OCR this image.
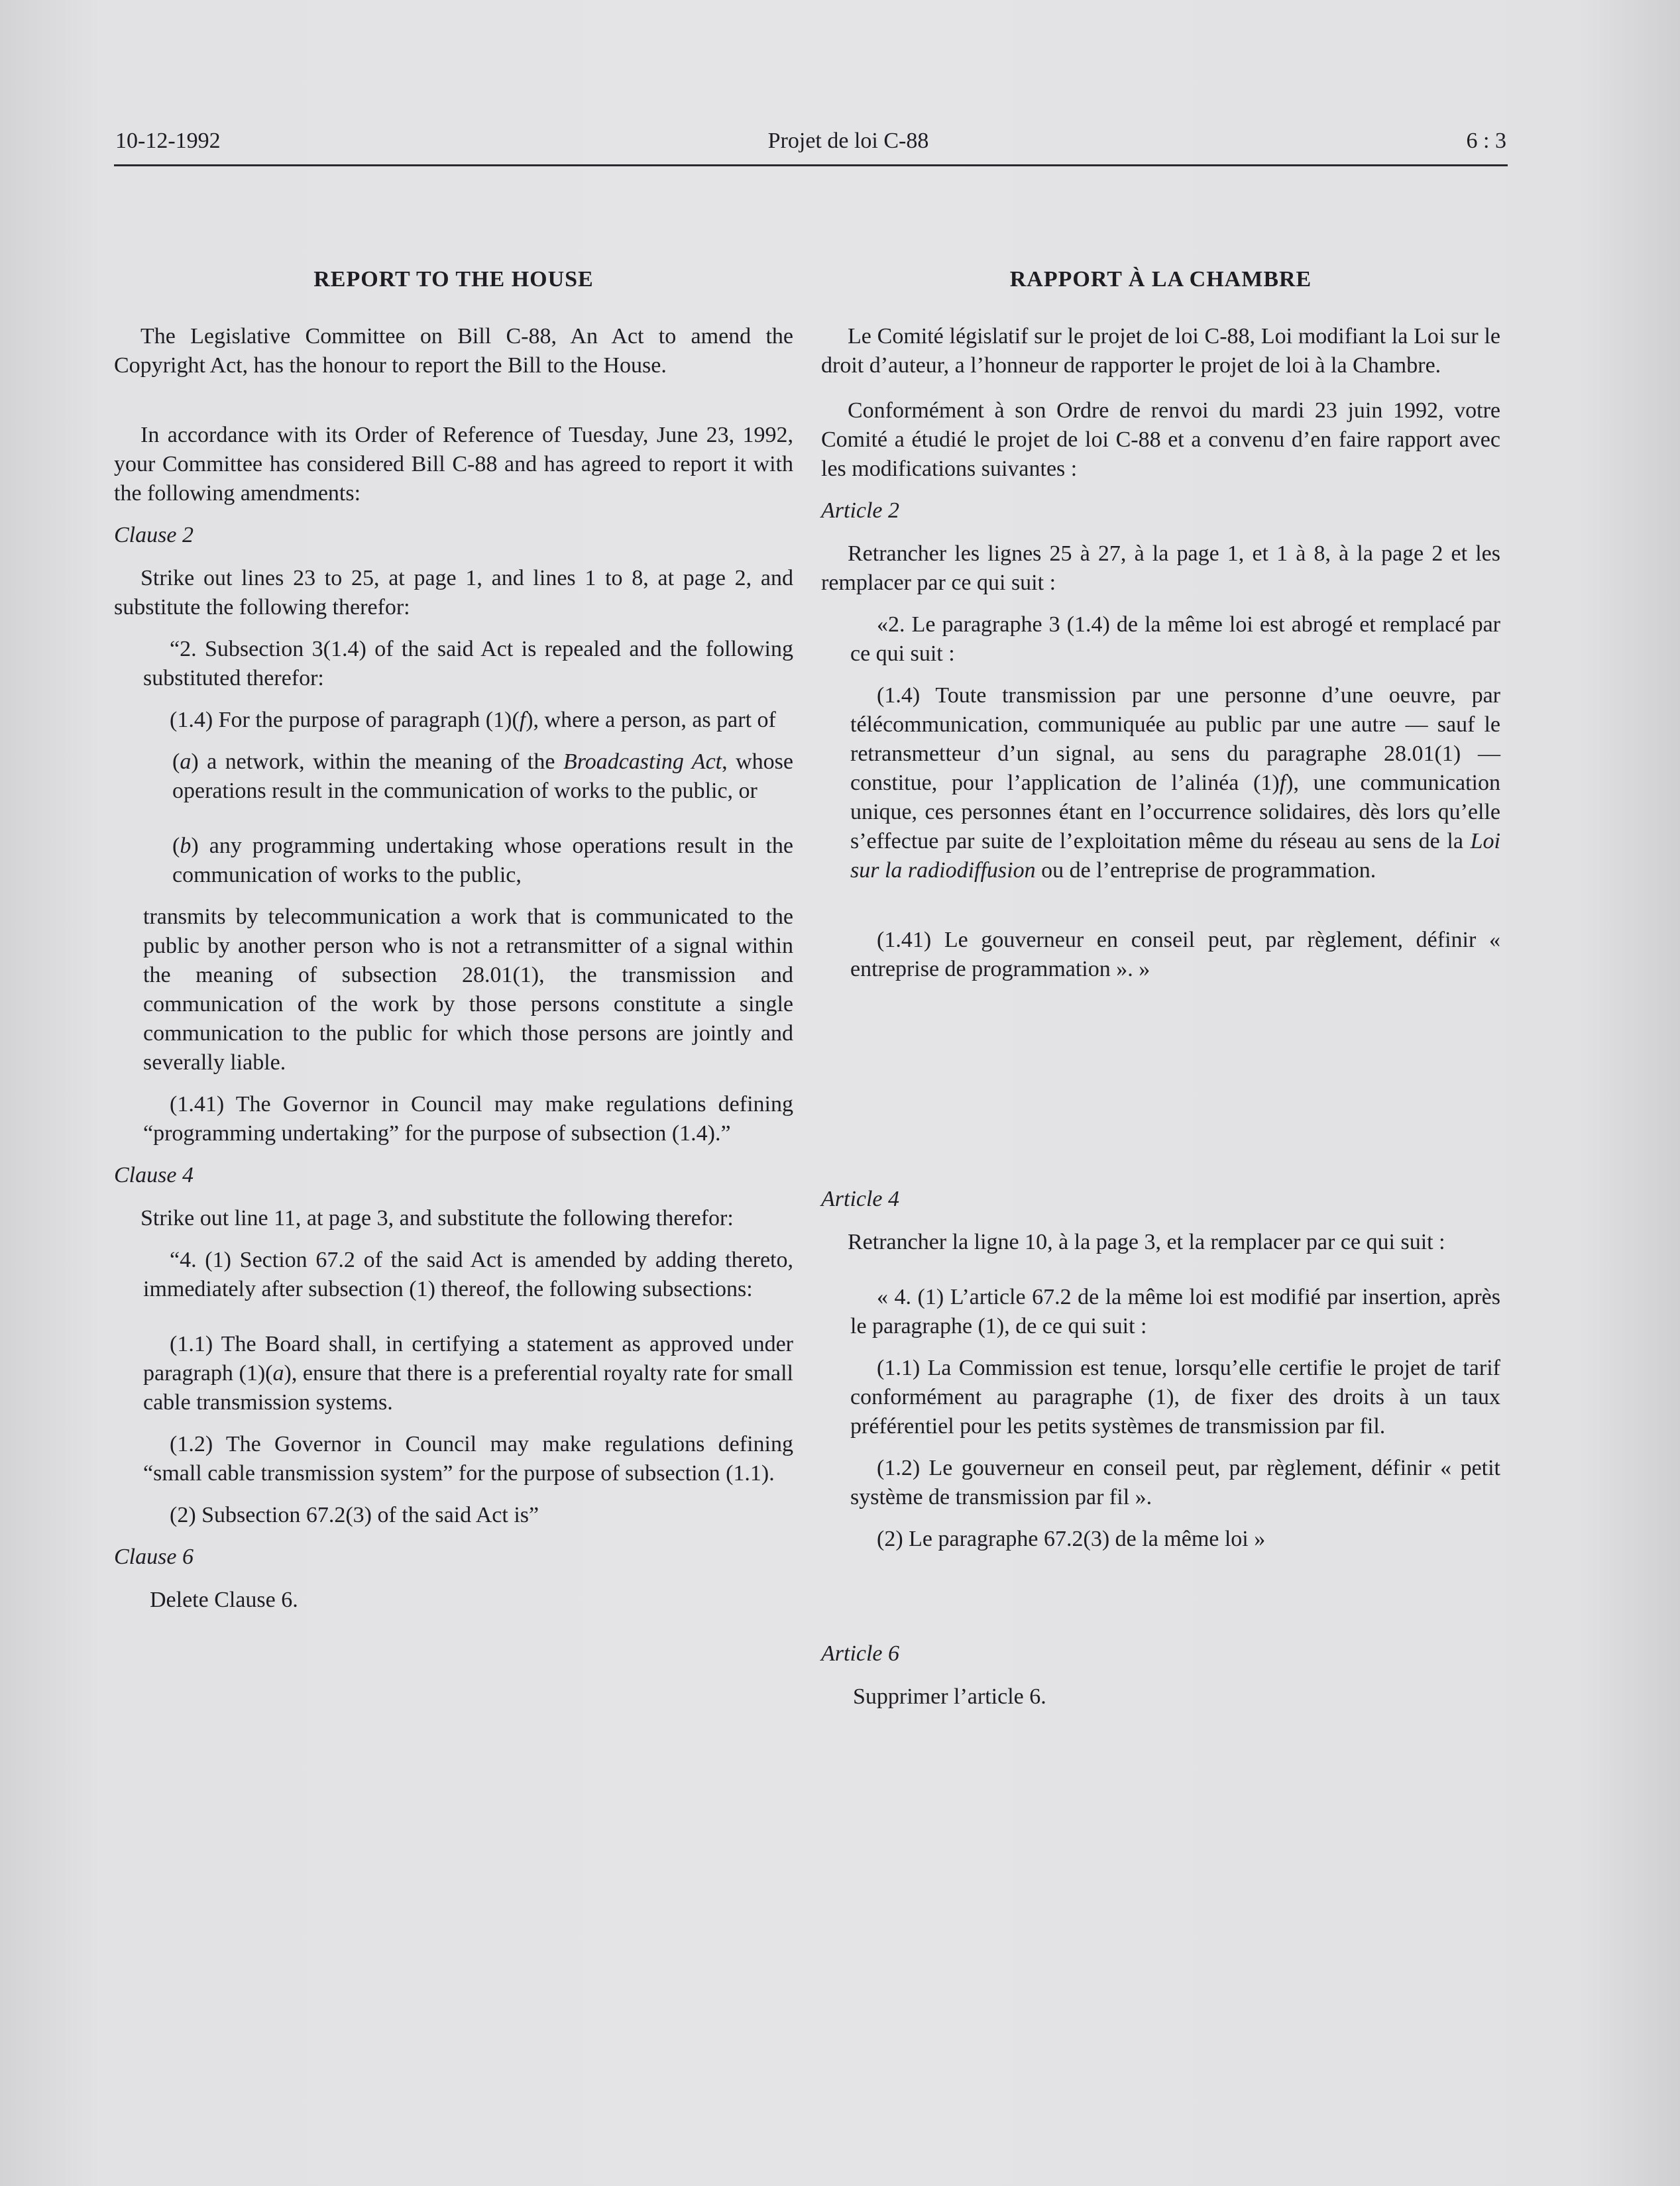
10-12-1992	Projet de loi C-88	6 : 3
REPORT TO THE HOUSE

The Legislative Committee on Bill C-88, An Act to amend the Copyright Act, has the honour to report the Bill to the House.

In accordance with its Order of Reference of Tuesday, June 23, 1992, your Committee has considered Bill C-88 and has agreed to report it with the following amendments:

Clause 2

Strike out lines 23 to 25, at page 1, and lines 1 to 8, at page 2, and substitute the following therefor:

“2. Subsection 3(1.4) of the said Act is repealed and the following substituted therefor:

(1.4) For the purpose of paragraph (1)(f), where a person, as part of

(a) a network, within the meaning of the Broadcasting Act, whose operations result in the communication of works to the public, or

(b) any programming undertaking whose operations result in the communication of works to the public,

transmits by telecommunication a work that is communicated to the public by another person who is not a retransmitter of a signal within the meaning of subsection 28.01(1), the transmission and communication of the work by those persons constitute a single communication to the public for which those persons are jointly and severally liable.

(1.41) The Governor in Council may make regulations defining “programming undertaking” for the purpose of subsection (1.4).”

Clause 4

Strike out line 11, at page 3, and substitute the following therefor:

“4. (1) Section 67.2 of the said Act is amended by adding thereto, immediately after subsection (1) thereof, the following subsections:

(1.1) The Board shall, in certifying a statement as approved under paragraph (1)(a), ensure that there is a preferential royalty rate for small cable transmission systems.

(1.2) The Governor in Council may make regulations defining “small cable transmission system” for the purpose of subsection (1.1).

(2) Subsection 67.2(3) of the said Act is”

Clause 6

Delete Clause 6.

RAPPORT À LA CHAMBRE

Le Comité législatif sur le projet de loi C-88, Loi modifiant la Loi sur le droit d’auteur, a l’honneur de rapporter le projet de loi à la Chambre.

Conformément à son Ordre de renvoi du mardi 23 juin 1992, votre Comité a étudié le projet de loi C-88 et a convenu d’en faire rapport avec les modifications suivantes :

Article 2

Retrancher les lignes 25 à 27, à la page 1, et 1 à 8, à la page 2 et les remplacer par ce qui suit :

«2. Le paragraphe 3 (1.4) de la même loi est abrogé et remplacé par ce qui suit :

(1.4) Toute transmission par une personne d’une oeuvre, par télécommunication, communiquée au public par une autre — sauf le retransmetteur d’un signal, au sens du paragraphe 28.01(1) — constitue, pour l’application de l’alinéa (1)f), une communication unique, ces personnes étant en l’occurrence solidaires, dès lors qu’elle s’effectue par suite de l’exploitation même du réseau au sens de la Loi sur la radiodiffusion ou de l’entreprise de programmation.

(1.41) Le gouverneur en conseil peut, par règlement, définir « entreprise de programmation ». »

Article 4

Retrancher la ligne 10, à la page 3, et la remplacer par ce qui suit :

« 4. (1) L’article 67.2 de la même loi est modifié par insertion, après le paragraphe (1), de ce qui suit :

(1.1) La Commission est tenue, lorsqu’elle certifie le projet de tarif conformément au paragraphe (1), de fixer des droits à un taux préférentiel pour les petits systèmes de transmission par fil.

(1.2) Le gouverneur en conseil peut, par règlement, définir « petit système de transmission par fil ».

(2) Le paragraphe 67.2(3) de la même loi »

Article 6

Supprimer l’article 6.
